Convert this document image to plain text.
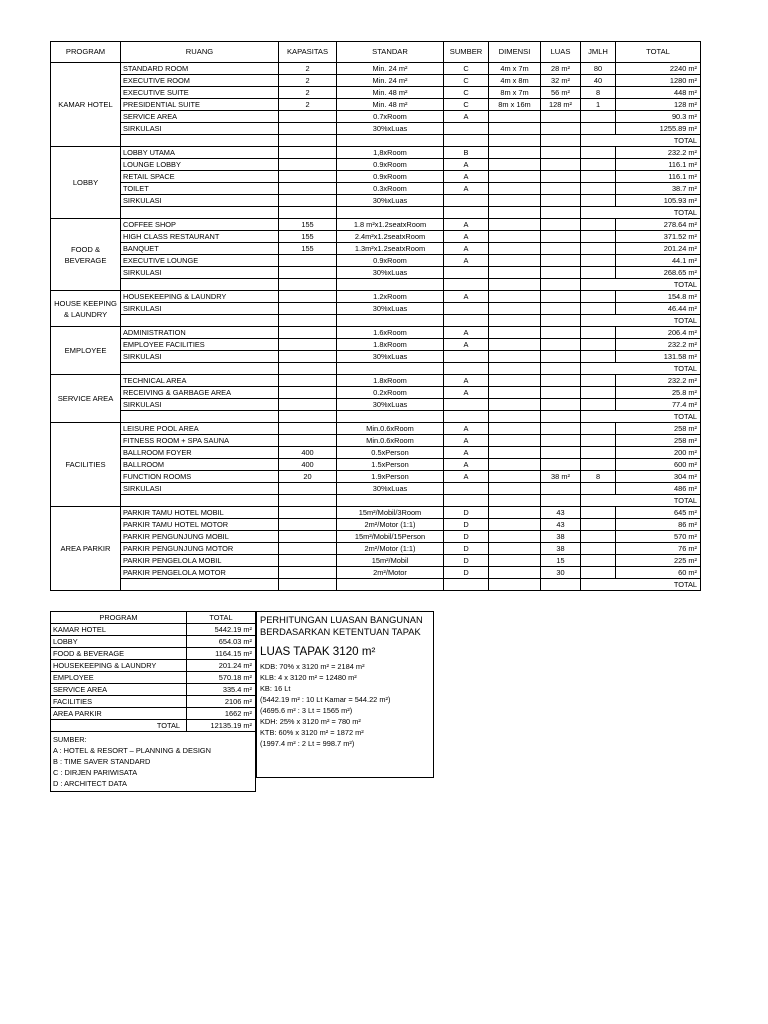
PROGRAM	RUANG	KAPASITAS	STANDAR	SUMBER	DIMENSI	LUAS	JMLH	TOTAL	
KAMAR HOTEL	STANDARD ROOM	2	Min. 24 m²	C	4m x 7m	28 m²	80	2240 m²	
	EXECUTIVE ROOM	2	Min. 24 m²	C	4m x 8m	32 m²	40	1280 m²	
	EXECUTIVE SUITE	2	Min. 48 m²	C	8m x 7m	56 m²	8	448 m²	
	PRESIDENTIAL SUITE	2	Min. 48 m²	C	8m x 16m	128 m²	1	128 m²	
	SERVICE AREA		0.7xRoom	A				90.3 m²	
	SIRKULASI		30%xLuas					1255.89 m²	
							TOTAL	
LOBBY	LOBBY UTAMA		1,8xRoom	B				232.2 m²	
	LOUNGE LOBBY		0.9xRoom	A				116.1 m²	
	RETAIL SPACE		0.9xRoom	A				116.1 m²	
	TOILET		0.3xRoom	A				38.7 m²	
	SIRKULASI		30%xLuas					105.93 m²	
							TOTAL	
FOOD & BEVERAGE	COFFEE SHOP	155	1.8 m²x1.2seatxRoom	A				278.64 m²	
	HIGH CLASS RESTAURANT	155	2.4m²x1.2seatxRoom	A				371.52 m²	
	BANQUET	155	1.3m²x1.2seatxRoom	A				201.24 m²	
	EXECUTIVE LOUNGE		0.9xRoom	A				44.1 m²	
	SIRKULASI		30%xLuas					268.65 m²	
							TOTAL	
HOUSE KEEPING & LAUNDRY	HOUSEKEEPING & LAUNDRY		1.2xRoom	A				154.8 m²	
	SIRKULASI		30%xLuas					46.44 m²	
							TOTAL	
EMPLOYEE	ADMINISTRATION		1.6xRoom	A				206.4 m²	
	EMPLOYEE FACILITIES		1.8xRoom	A				232.2 m²	
	SIRKULASI		30%xLuas					131.58 m²	
							TOTAL	
SERVICE AREA	TECHNICAL AREA		1.8xRoom	A				232.2 m²	
	RECEIVING & GARBAGE AREA		0.2xRoom	A				25.8 m²	
	SIRKULASI		30%xLuas					77.4 m²	
							TOTAL	
FACILITIES	LEISURE POOL AREA		Min.0.6xRoom	A				258 m²	
	FITNESS ROOM + SPA SAUNA		Min.0.6xRoom	A				258 m²	
	BALLROOM FOYER	400	0.5xPerson	A				200 m²	
	BALLROOM	400	1.5xPerson	A				600 m²	
	FUNCTION ROOMS	20	1.9xPerson	A		38 m²	8	304 m²	
	SIRKULASI		30%xLuas					486 m²	
							TOTAL	
AREA PARKIR	PARKIR TAMU HOTEL MOBIL		15m²/Mobil/3Room	D		43		645 m²	
	PARKIR TAMU HOTEL MOTOR		2m²/Motor (1:1)	D		43		86 m²	
	PARKIR PENGUNJUNG MOBIL		15m²/Mobil/15Person	D		38		570 m²	
	PARKIR PENGUNJUNG MOTOR		2m²/Motor (1:1)	D		38		76 m²	
	PARKIR PENGELOLA MOBIL		15m²/Mobil	D		15		225 m²	
	PARKIR PENGELOLA MOTOR		2m²/Motor	D		30		60 m²	
							TOTAL	
PROGRAM	TOTAL
KAMAR HOTEL	5442.19 m²
LOBBY	654.03 m²
FOOD & BEVERAGE	1164.15 m²
HOUSEKEEPING & LAUNDRY	201.24 m²
EMPLOYEE	570.18 m²
SERVICE AREA	335.4 m²
FACILITIES	2106 m²
AREA PARKIR	1662 m²
TOTAL	12135.19 m²

SUMBER:
A : HOTEL & RESORT – PLANNING & DESIGN
B : TIME SAVER STANDARD
C : DIRJEN PARIWISATA
D : ARCHITECT DATA	
PERHITUNGAN LUASAN BANGUNAN
BERDASARKAN KETENTUAN TAPAK
LUAS TAPAK 3120 m²
KDB: 70% x 3120 m² = 2184 m²
KLB: 4 x 3120 m² = 12480 m²
KB: 16 Lt
(5442.19 m² : 10 Lt Kamar = 544.22 m²)
(4695.6 m² : 3 Lt = 1565 m²)
KDH: 25% x 3120 m² = 780 m²
KTB: 60% x 3120 m² = 1872 m²
(1997.4 m² : 2 Lt = 998.7 m²)
